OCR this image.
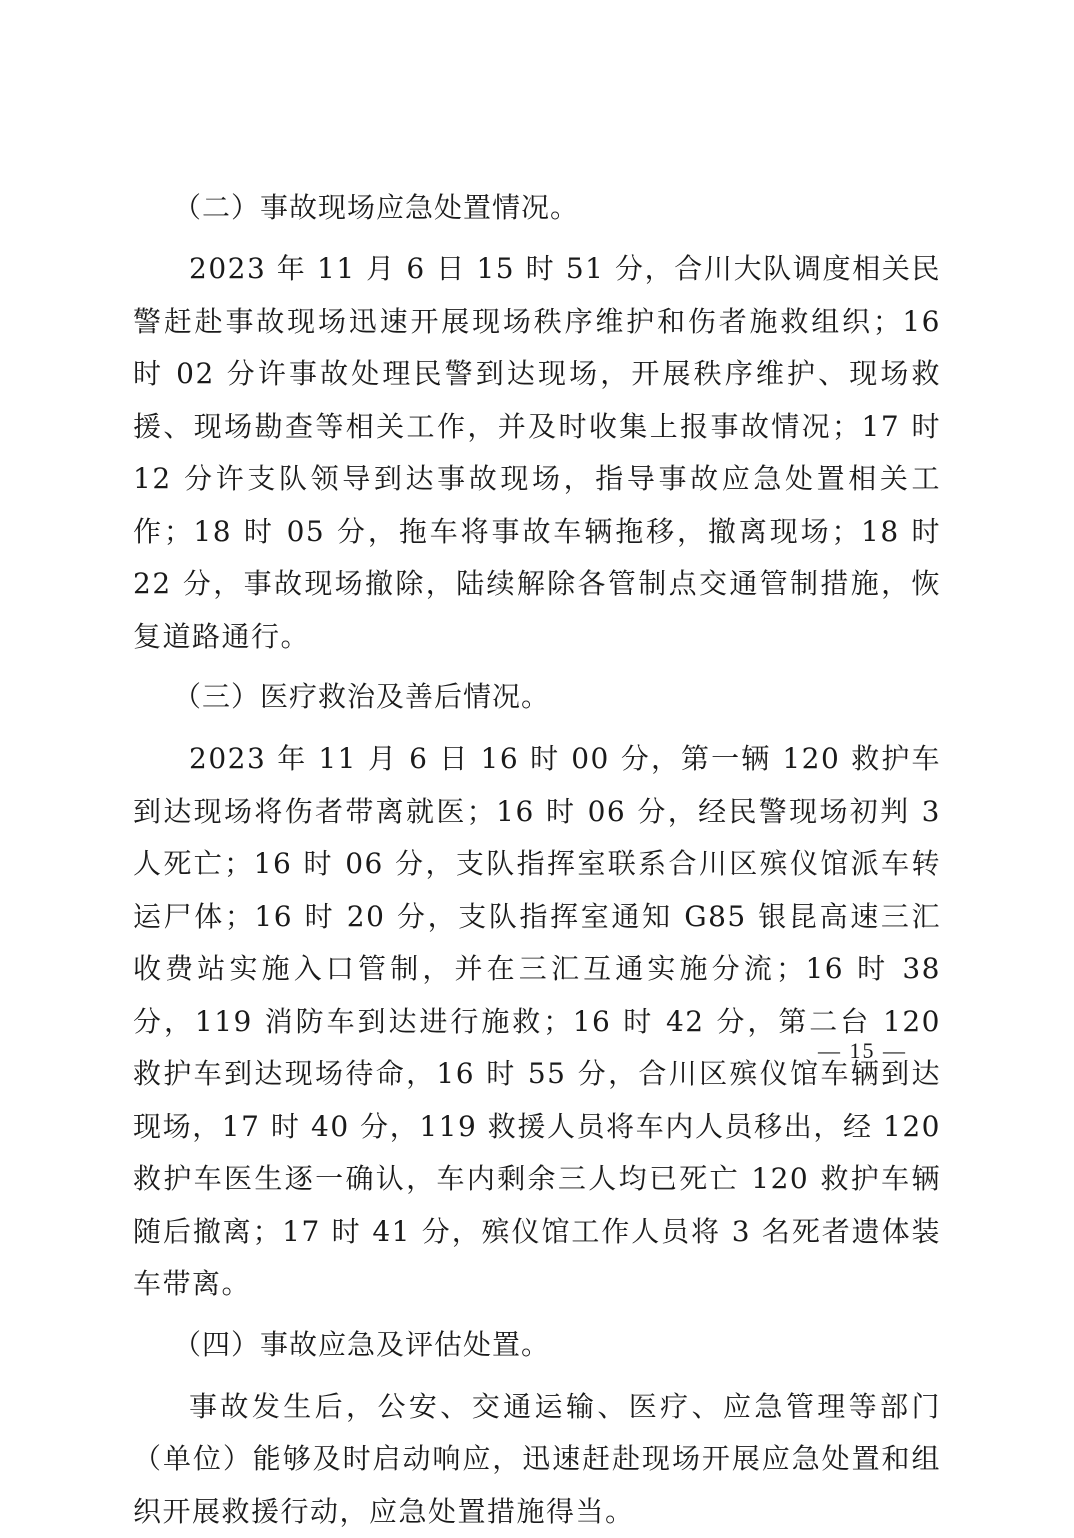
（二）事故现场应急处置情况。

2023 年 11 月 6 日 15 时 51 分，合川大队调度相关民警赶赴事故现场迅速开展现场秩序维护和伤者施救组织；16 时 02 分许事故处理民警到达现场，开展秩序维护、现场救援、现场勘查等相关工作，并及时收集上报事故情况；17 时 12 分许支队领导到达事故现场，指导事故应急处置相关工作；18 时 05 分，拖车将事故车辆拖移，撤离现场；18 时 22 分，事故现场撤除，陆续解除各管制点交通管制措施，恢复道路通行。

（三）医疗救治及善后情况。

2023 年 11 月 6 日 16 时 00 分，第一辆 120 救护车到达现场将伤者带离就医；16 时 06 分，经民警现场初判 3 人死亡；16 时 06 分，支队指挥室联系合川区殡仪馆派车转运尸体；16 时 20 分，支队指挥室通知 G85 银昆高速三汇收费站实施入口管制，并在三汇互通实施分流；16 时 38 分，119 消防车到达进行施救；16 时 42 分，第二台 120 救护车到达现场待命，16 时 55 分，合川区殡仪馆车辆到达现场，17 时 40 分，119 救援人员将车内人员移出，经 120 救护车医生逐一确认，车内剩余三人均已死亡 120 救护车辆随后撤离；17 时 41 分，殡仪馆工作人员将 3 名死者遗体装车带离。

（四）事故应急及评估处置。

事故发生后，公安、交通运输、医疗、应急管理等部门（单位）能够及时启动响应，迅速赶赴现场开展应急处置和组织开展救援行动，应急处置措施得当。

— 15 —
